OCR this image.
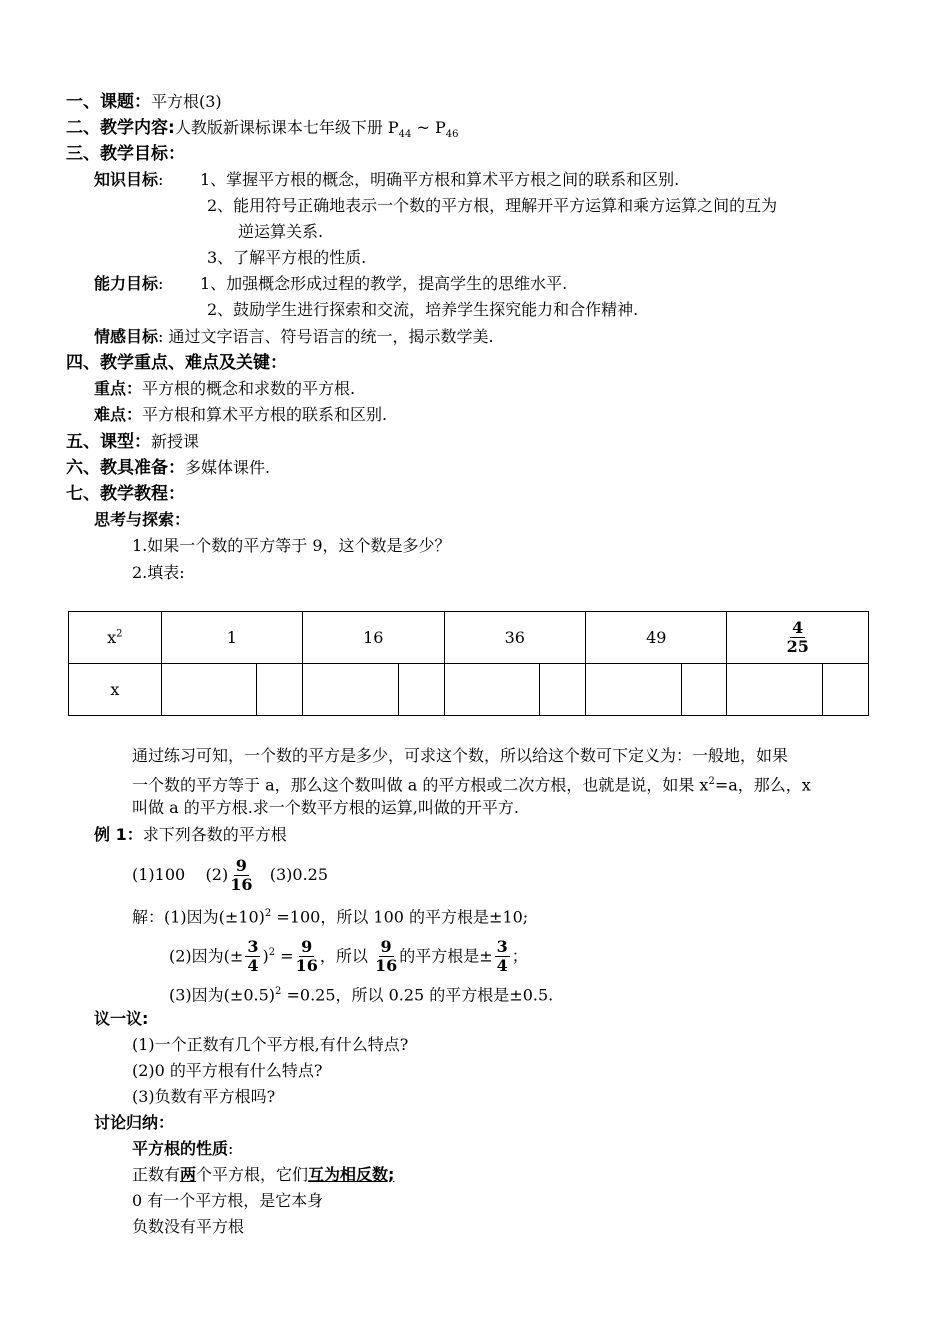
一、课题：平方根(3)
二、教学内容:人教版新课标课本七年级下册 $P_{44}$ ~ $P_{46}$
三、教学目标：
知识目标: 1、掌握平方根的概念，明确平方根和算术平方根之间的联系和区别.
2、能用符号正确地表示一个数的平方根，理解开平方运算和乘方运算之间的互为
逆运算关系.
3、了解平方根的性质.
能力目标: 1、加强概念形成过程的教学，提高学生的思维水平.
2、鼓励学生进行探索和交流，培养学生探究能力和合作精神.
情感目标: 通过文字语言、符号语言的统一，揭示数学美.
四、教学重点、难点及关键：
重点：平方根的概念和求数的平方根.
难点：平方根和算术平方根的联系和区别.
五、课型：新授课
六、教具准备：多媒体课件.
七、教学教程：
思考与探索：
1.如果一个数的平方等于 9，这个数是多少？
2.填表:
$x^2$	1		16		36		49		$\frac{4}{25}$

x										
通过练习可知，一个数的平方是多少，可求这个数，所以给这个数可下定义为：一般地，如果
一个数的平方等于 a，那么这个数叫做 a 的平方根或二次方根，也就是说，如果 $x^2=a$，那么，x
叫做 a 的平方根.求一个数平方根的运算,叫做的开平方.
例 1：求下列各数的平方根
(1)100 $(2) \frac{9}{16} (3)0.25$
解：(1)因为$(\pm 10)^2 =100$，所以 100 的平方根是±10;
(2)因为(± $\frac{3}{4} )^2 = \frac{9}{16}$ ，所以 $\frac{9}{16}$ 的平方根是± $\frac{3}{4}$ ；
(3)因为$(\pm 0.5)^2 =0.25$，所以 0.25 的平方根是±0.5.
议一议:
(1)一个正数有几个平方根,有什么特点?
(2)0 的平方根有什么特点?
(3)负数有平方根吗?
讨论归纳：
平方根的性质:
正数有两个平方根，它们互为相反数;
0 有一个平方根，是它本身
负数没有平方根
